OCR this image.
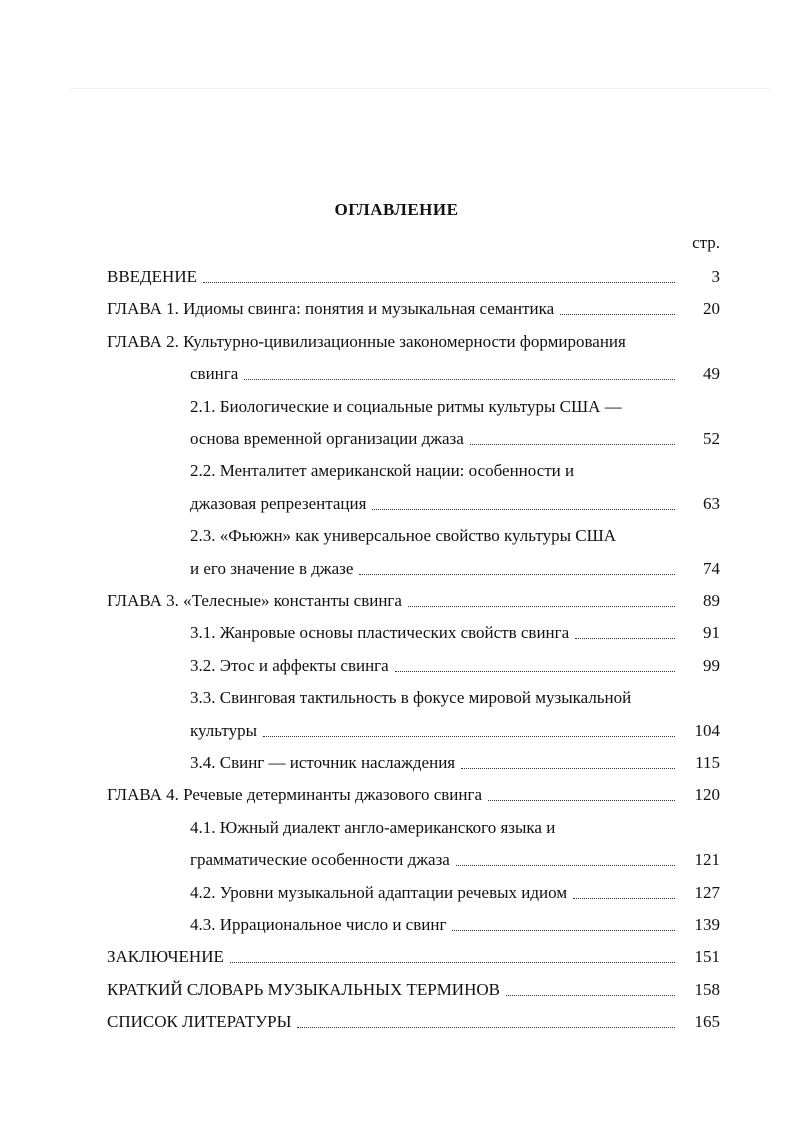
ОГЛАВЛЕНИЕ
стр.
ВВЕДЕНИЕ	3
ГЛАВА 1. Идиомы свинга: понятия и музыкальная семантика	20
ГЛАВА 2. Культурно-цивилизационные закономерности формирования
свинга	49
2.1. Биологические и социальные ритмы культуры США —
основа временной организации джаза	52
2.2. Менталитет американской нации: особенности и
джазовая репрезентация	63
2.3. «Фьюжн» как универсальное свойство культуры США
и его значение в джазе	74
ГЛАВА 3. «Телесные» константы свинга	89
3.1. Жанровые основы пластических свойств свинга	91
3.2. Этос и аффекты свинга	99
3.3. Свинговая тактильность в фокусе мировой музыкальной
культуры	104
3.4. Свинг — источник наслаждения	115
ГЛАВА 4. Речевые детерминанты джазового свинга	120
4.1. Южный диалект англо-американского языка и
грамматические особенности джаза	121
4.2. Уровни музыкальной адаптации речевых идиом	127
4.3. Иррациональное число и свинг	139
ЗАКЛЮЧЕНИЕ	151
КРАТКИЙ СЛОВАРЬ МУЗЫКАЛЬНЫХ ТЕРМИНОВ	158
СПИСОК ЛИТЕРАТУРЫ	165
